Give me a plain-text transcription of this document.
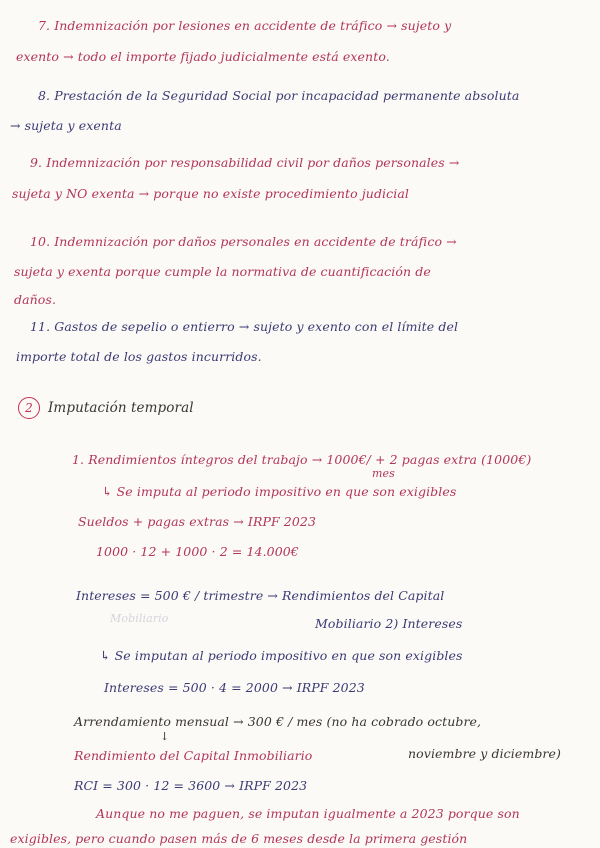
7. Indemnización por lesiones en accidente de tráfico → sujeto y
exento → todo el importe fijado judicialmente está exento.
8. Prestación de la Seguridad Social por incapacidad permanente absoluta
→ sujeta y exenta
9. Indemnización por responsabilidad civil por daños personales →
sujeta y NO exenta → porque no existe procedimiento judicial
10. Indemnización por daños personales en accidente de tráfico →
sujeta y exenta porque cumple la normativa de cuantificación de
daños.
11. Gastos de sepelio o entierro → sujeto y exento con el límite del
importe total de los gastos incurridos.
2	Imputación temporal
1. Rendimientos íntegros del trabajo → 1000€/ + 2 pagas extra (1000€)
mes
↳ Se imputa al periodo impositivo en que son exigibles
Sueldos + pagas extras → IRPF 2023
1000 · 12 + 1000 · 2 = 14.000€
Intereses = 500 € / trimestre → Rendimientos del Capital
Mobiliario	Mobiliario 2) Intereses
↳ Se imputan al periodo impositivo en que son exigibles
Intereses = 500 · 4 = 2000 → IRPF 2023
Arrendamiento mensual → 300 € / mes (no ha cobrado octubre,
↓
Rendimiento del Capital Inmobiliario	noviembre y diciembre)
RCI = 300 · 12 = 3600 → IRPF 2023
Aunque no me paguen, se imputan igualmente a 2023 porque son
exigibles, pero cuando pasen más de 6 meses desde la primera gestión
